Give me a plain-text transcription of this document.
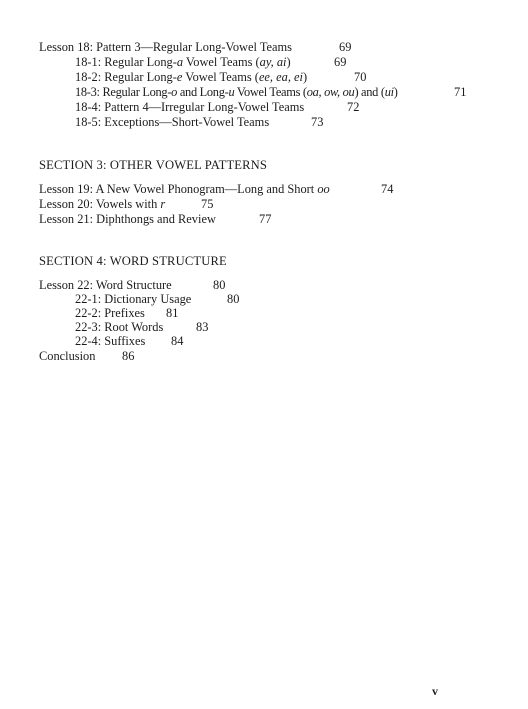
Lesson 18: Pattern 3—Regular Long-Vowel Teams	69
18-1: Regular Long-a Vowel Teams (ay, ai)	69
18-2: Regular Long-e Vowel Teams (ee, ea, ei)	70
18-3: Regular Long-o and Long-u Vowel Teams (oa, ow, ou) and (ui)	71
18-4: Pattern 4—Irregular Long-Vowel Teams	72
18-5: Exceptions—Short-Vowel Teams	73
SECTION 3: OTHER VOWEL PATTERNS
Lesson 19: A New Vowel Phonogram—Long and Short oo	74
Lesson 20: Vowels with r	75
Lesson 21: Diphthongs and Review	77
SECTION 4: WORD STRUCTURE
Lesson 22: Word Structure	80
22-1: Dictionary Usage	80
22-2: Prefixes 81
22-3: Root Words	83
22-4: Suffixes 84
Conclusion 86
v
